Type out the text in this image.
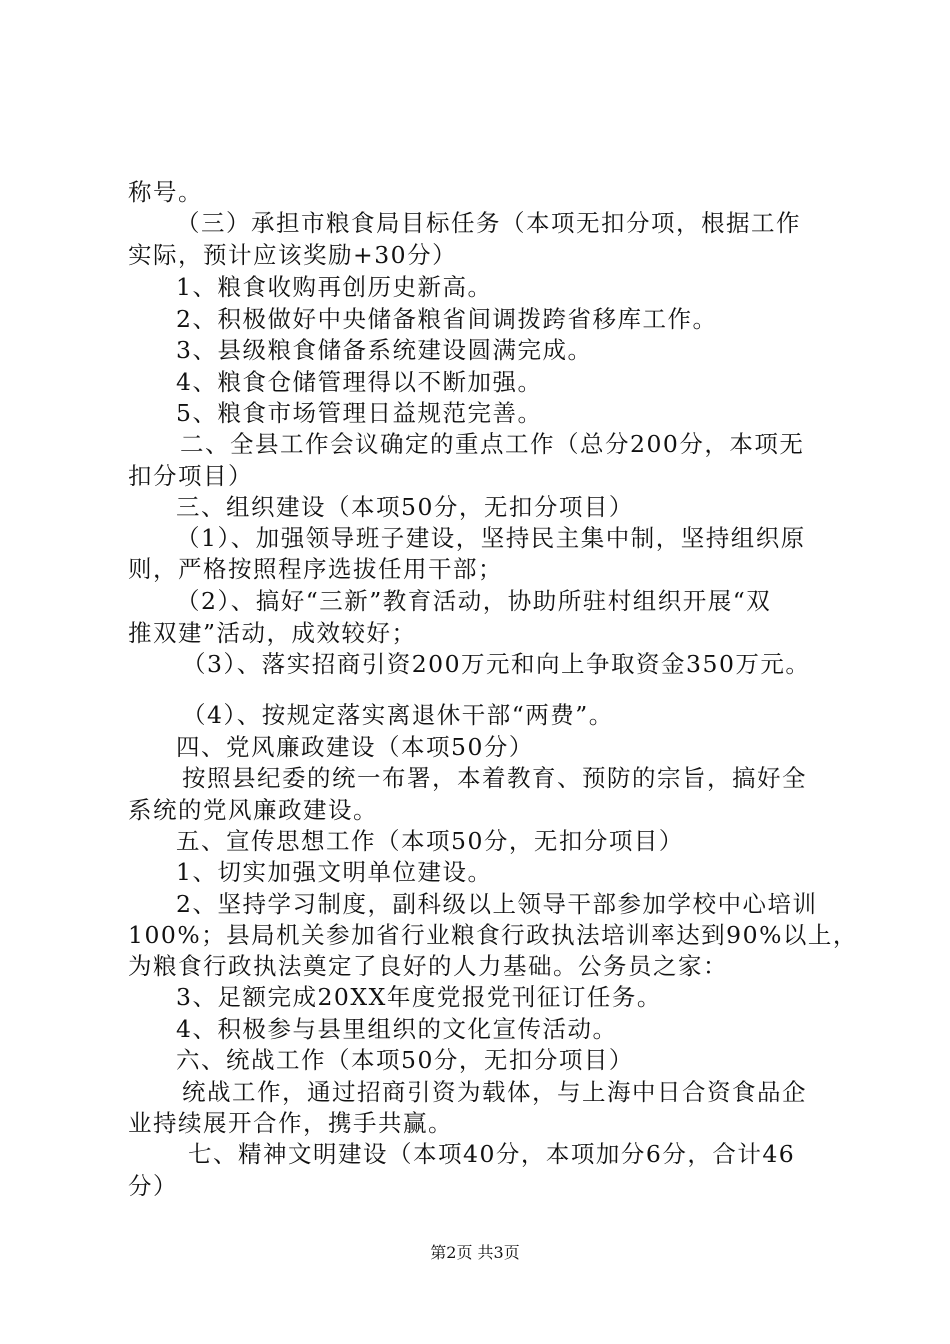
称号。
（三）承担市粮食局目标任务（本项无扣分项，根据工作
实际，预计应该奖励+30分）
1、粮食收购再创历史新高。
2、积极做好中央储备粮省间调拨跨省移库工作。
3、县级粮食储备系统建设圆满完成。
4、粮食仓储管理得以不断加强。
5、粮食市场管理日益规范完善。
二、全县工作会议确定的重点工作（总分200分，本项无
扣分项目）
三、组织建设（本项50分，无扣分项目）
（1）、加强领导班子建设，坚持民主集中制，坚持组织原
则，严格按照程序选拔任用干部；
（2）、搞好“三新”教育活动，协助所驻村组织开展“双
推双建”活动，成效较好；
（3）、落实招商引资200万元和向上争取资金350万元。
（4）、按规定落实离退休干部“两费”。
四、党风廉政建设（本项50分）
按照县纪委的统一布署，本着教育、预防的宗旨，搞好全
系统的党风廉政建设。
五、宣传思想工作（本项50分，无扣分项目）
1、切实加强文明单位建设。
2、坚持学习制度，副科级以上领导干部参加学校中心培训
100%；县局机关参加省行业粮食行政执法培训率达到90%以上，
为粮食行政执法奠定了良好的人力基础。公务员之家：
3、足额完成20XX年度党报党刊征订任务。
4、积极参与县里组织的文化宣传活动。
六、统战工作（本项50分，无扣分项目）
统战工作，通过招商引资为载体，与上海中日合资食品企
业持续展开合作，携手共赢。
七、精神文明建设（本项40分，本项加分6分，合计46
分）
第2页 共3页
